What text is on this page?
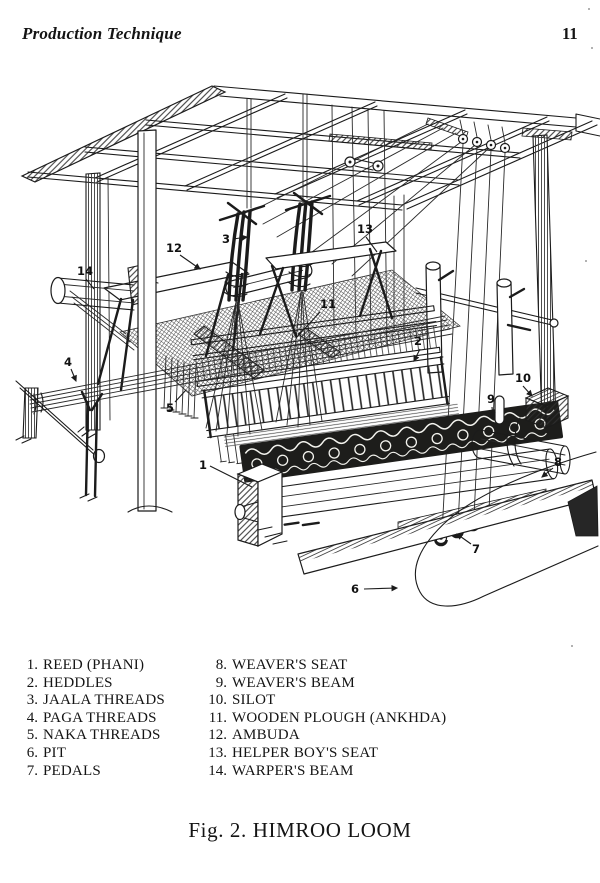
Production Technique	11
1
2
3
4
5
6
7
8
9
10
11
12
13
14
1. REED (PHANI)
2. HEDDLES
3. JAALA THREADS
4. PAGA THREADS
5. NAKA THREADS
6. PIT
7. PEDALS
8. WEAVER'S SEAT
9. WEAVER'S BEAM
10. SILOT
11. WOODEN PLOUGH (ANKHDA)
12. AMBUDA
13. HELPER BOY'S SEAT
14. WARPER'S BEAM
Fig. 2. HIMROO LOOM
